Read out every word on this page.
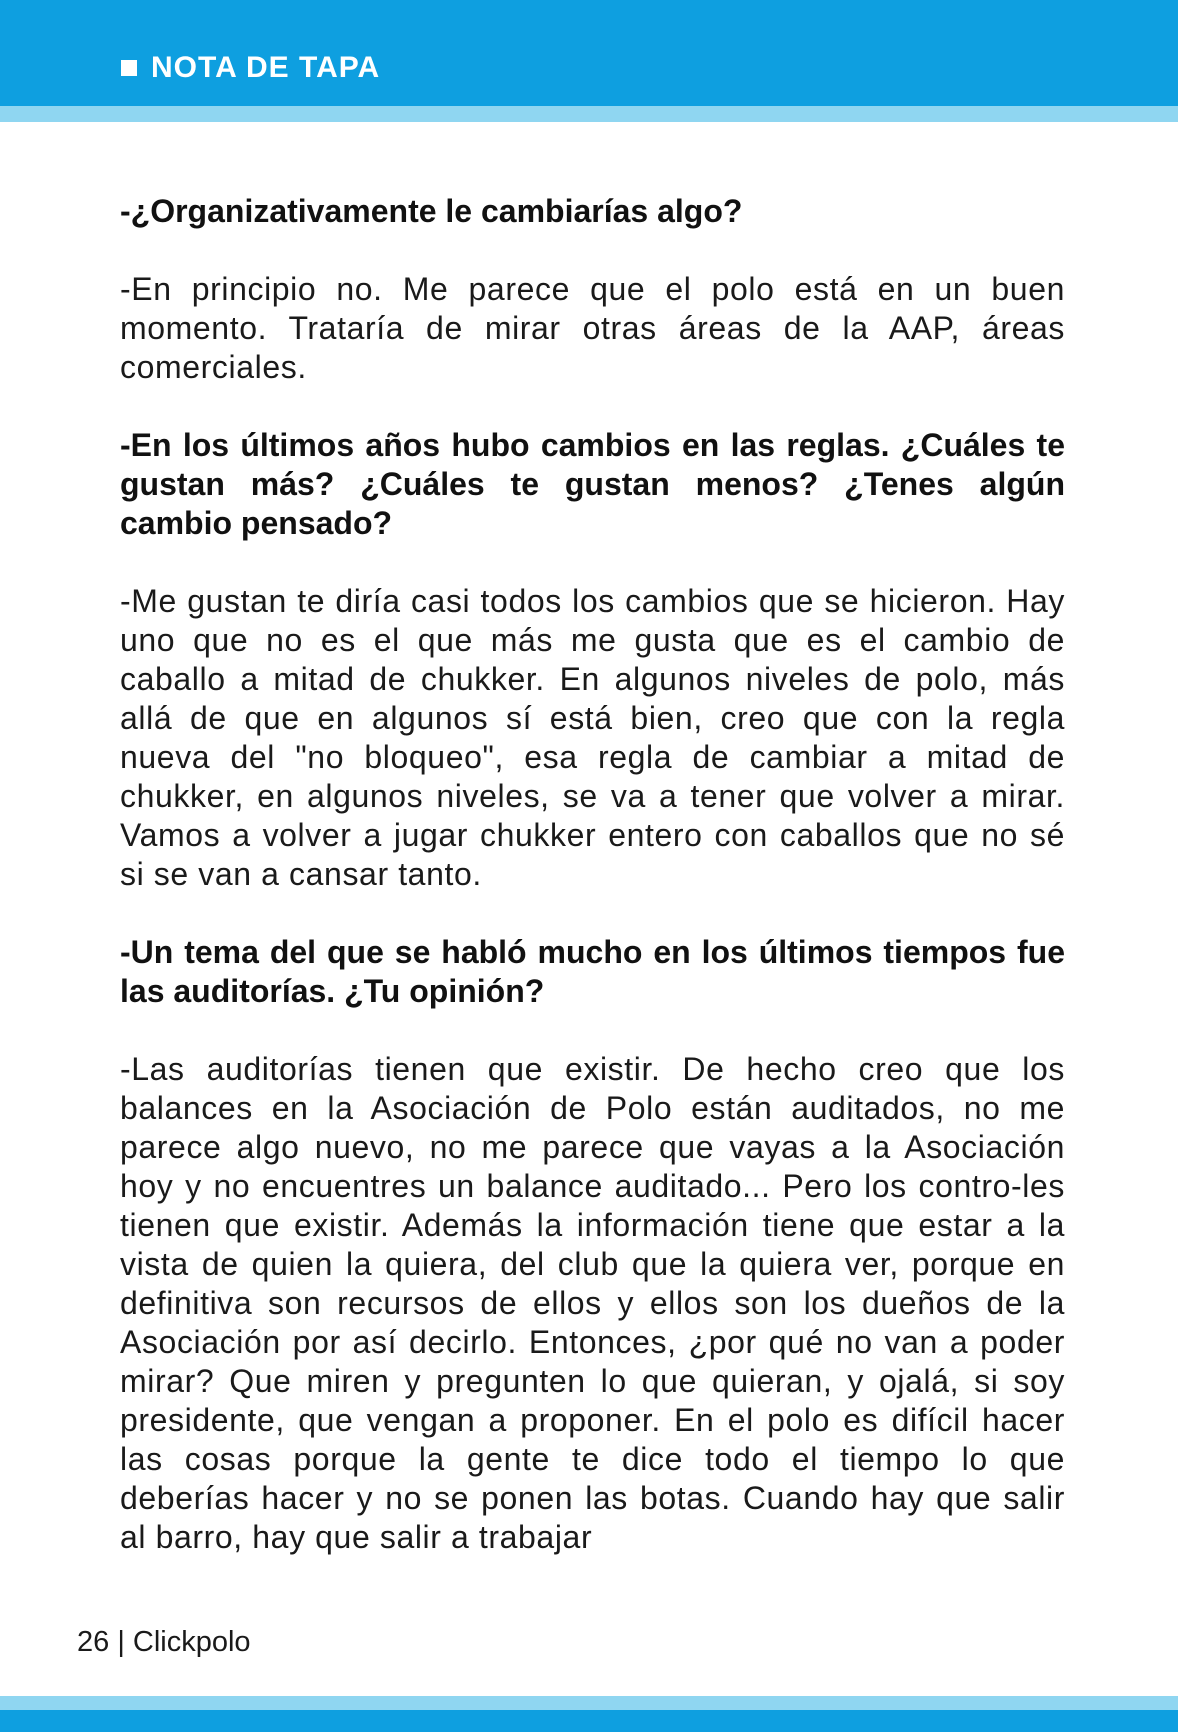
NOTA DE TAPA

-¿Organizativamente le cambiarías algo?

-En principio no. Me parece que el polo está en un buen momento. Trataría de mirar otras áreas de la AAP, áreas comerciales.

-En los últimos años hubo cambios en las reglas. ¿Cuáles te gustan más? ¿Cuáles te gustan menos? ¿Tenes algún cambio pensado?

-Me gustan te diría casi todos los cambios que se hicieron. Hay uno que no es el que más me gusta que es el cambio de caballo a mitad de chukker. En algunos niveles de polo, más allá de que en algunos sí está bien, creo que con la regla nueva del "no bloqueo", esa regla de cambiar a mitad de chukker, en algunos niveles, se va a tener que volver a mirar. Vamos a volver a jugar chukker entero con caballos que no sé si se van a cansar tanto.

-Un tema del que se habló mucho en los últimos tiempos fue las auditorías. ¿Tu opinión?

-Las auditorías tienen que existir. De hecho creo que los balances en la Asociación de Polo están auditados, no me parece algo nuevo, no me parece que vayas a la Asociación hoy y no encuentres un balance auditado... Pero los contro-les tienen que existir. Además la información tiene que estar a la vista de quien la quiera, del club que la quiera ver, porque en definitiva son recursos de ellos y ellos son los dueños de la Asociación por así decirlo. Entonces, ¿por qué no van a poder mirar? Que miren y pregunten lo que quieran, y ojalá, si soy presidente, que vengan a proponer. En el polo es difícil hacer las cosas porque la gente te dice todo el tiempo lo que deberías hacer y no se ponen las botas. Cuando hay que salir al barro, hay que salir a trabajar

26 | Clickpolo
